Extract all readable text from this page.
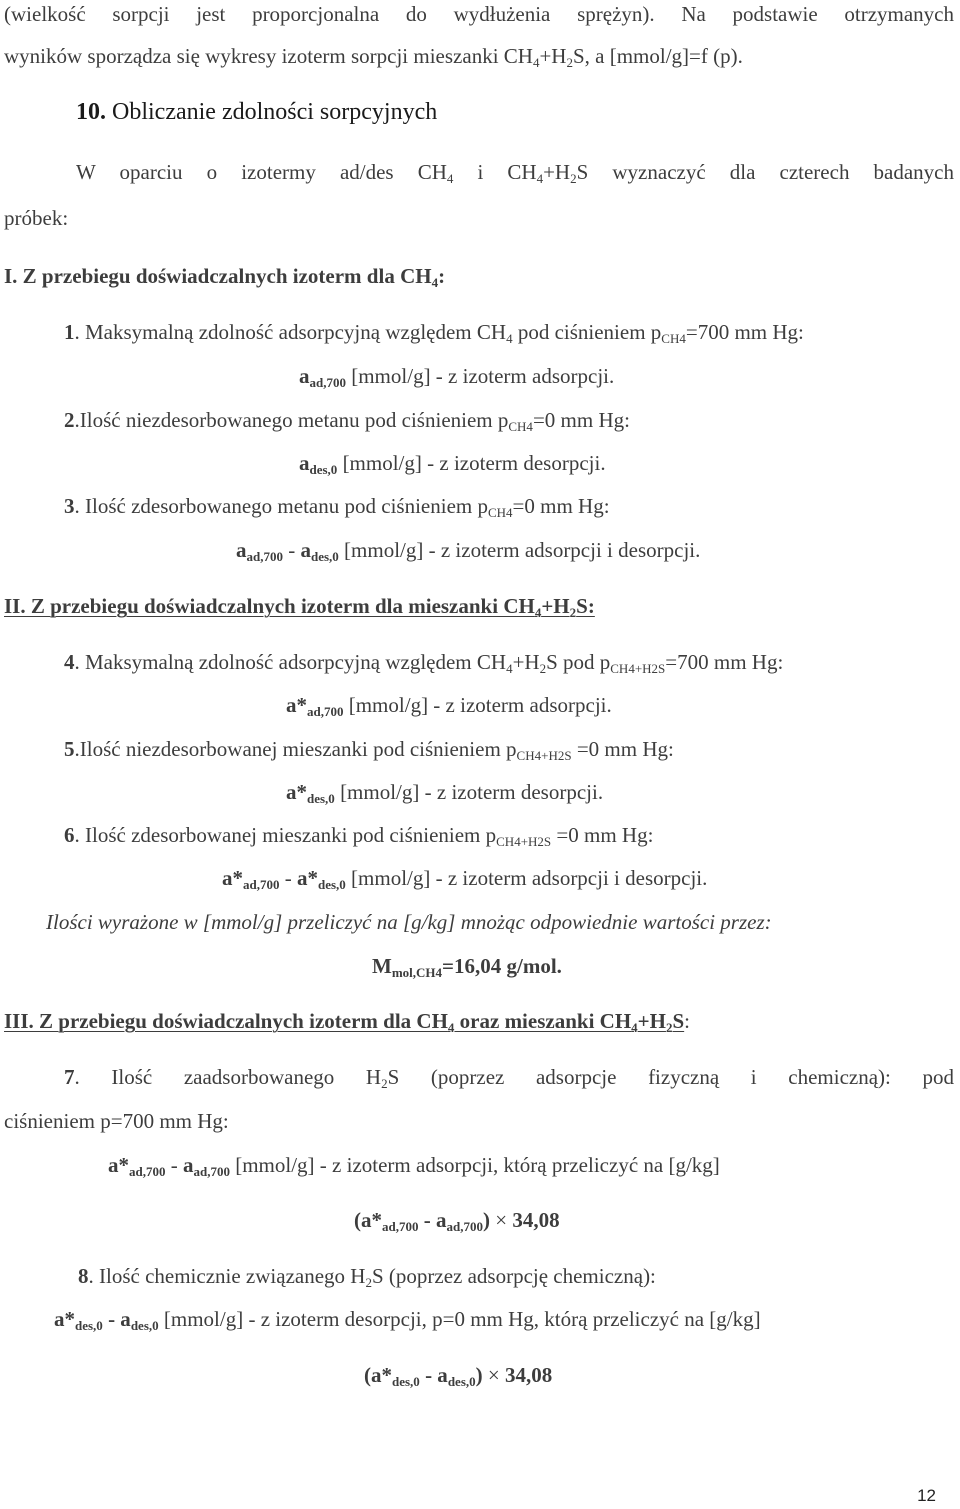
(wielkość sorpcji jest proporcjonalna do wydłużenia sprężyn). Na podstawie otrzymanych
wyników sporządza się wykresy izoterm sorpcji mieszanki $CH_4+H_2S$, a [mmol/g]=f (p).
10. Obliczanie zdolności sorpcyjnych
W oparciu o izotermy ad/des $CH_4$ i $CH_4+H_2S$ wyznaczyć dla czterech badanych
próbek:
I. Z przebiegu doświadczalnych izoterm dla $CH_4$:
1. Maksymalną zdolność adsorpcyjną względem $CH_4$ pod ciśnieniem $p_{CH4}=700$ mm Hg:
$a_{ad,700}$ [mmol/g] - z izoterm adsorpcji.
2.Ilość niezdesorbowanego metanu pod ciśnieniem $p_{CH4}=0$ mm Hg:
$a_{des,0}$ [mmol/g] - z izoterm desorpcji.
3. Ilość zdesorbowanego metanu pod ciśnieniem $p_{CH4}=0$ mm Hg:
$a_{ad,700} - a_{des,0}$ [mmol/g] - z izoterm adsorpcji i desorpcji.
II. Z przebiegu doświadczalnych izoterm dla mieszanki $CH_4+H_2S$:
4. Maksymalną zdolność adsorpcyjną względem $CH_4+H_2S$ pod $p_{CH4+H2S}=700$ mm Hg:
$a*_{ad,700}$ [mmol/g] - z izoterm adsorpcji.
5.Ilość niezdesorbowanej mieszanki pod ciśnieniem $p_{CH4+H2S} =0$ mm Hg:
$a*_{des,0}$ [mmol/g] - z izoterm desorpcji.
6. Ilość zdesorbowanej mieszanki pod ciśnieniem $p_{CH4+H2S} =0$ mm Hg:
$a*_{ad,700} - a*_{des,0}$ [mmol/g] - z izoterm adsorpcji i desorpcji.
Ilości wyrażone w [mmol/g] przeliczyć na [g/kg] mnożąc odpowiednie wartości przez:
$M_{mol,CH4}=16,04$ g/mol.
III. Z przebiegu doświadczalnych izoterm dla $CH_4$ oraz mieszanki $CH_4+H_2S$:
7. Ilość zaadsorbowanego $H_2S$ (poprzez adsorpcje fizyczną i chemiczną): pod
ciśnieniem p=700 mm Hg:
$a*_{ad,700} - a_{ad,700}$ [mmol/g] - z izoterm adsorpcji, którą przeliczyć na [g/kg]
$(a*_{ad,700} - a_{ad,700}) \times 34,08$
8. Ilość chemicznie związanego $H_2S$ (poprzez adsorpcję chemiczną):
$a*_{des,0} - a_{des,0}$ [mmol/g] - z izoterm desorpcji, p=0 mm Hg, którą przeliczyć na [g/kg]
$(a*_{des,0} - a_{des,0}) \times 34,08$
12
